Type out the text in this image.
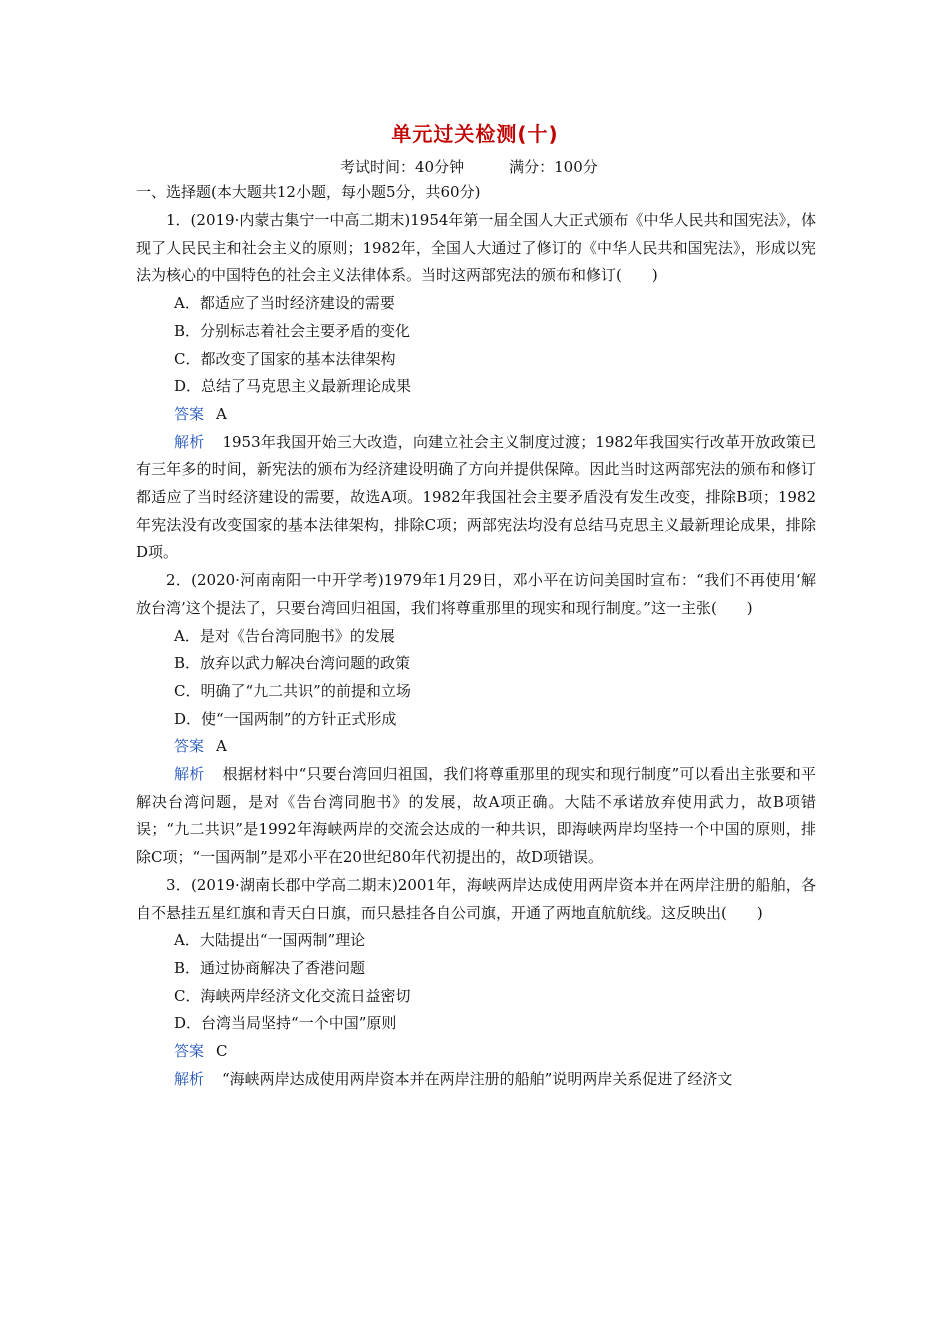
单元过关检测(十)
考试时间：40分钟　　　	满分：100分
一、选择题(本大题共12小题，每小题5分，共60分)

1．(2019·内蒙古集宁一中高二期末)1954年第一届全国人大正式颁布《中华人民共和国宪法》，体现了人民民主和社会主义的原则；1982年，全国人大通过了修订的《中华人民共和国宪法》，形成以宪法为核心的中国特色的社会主义法律体系。当时这两部宪法的颁布和修订(　　)

A．都适应了当时经济建设的需要

B．分别标志着社会主要矛盾的变化

C．都改变了国家的基本法律架构

D．总结了马克思主义最新理论成果

答案 A

解析 1953年我国开始三大改造，向建立社会主义制度过渡；1982年我国实行改革开放政策已有三年多的时间，新宪法的颁布为经济建设明确了方向并提供保障。因此当时这两部宪法的颁布和修订都适应了当时经济建设的需要，故选A项。1982年我国社会主要矛盾没有发生改变，排除B项；1982年宪法没有改变国家的基本法律架构，排除C项；两部宪法均没有总结马克思主义最新理论成果，排除D项。

2．(2020·河南南阳一中开学考)1979年1月29日，邓小平在访问美国时宣布：“我们不再使用‘解放台湾’这个提法了，只要台湾回归祖国，我们将尊重那里的现实和现行制度。”这一主张(　　)

A．是对《告台湾同胞书》的发展

B．放弃以武力解决台湾问题的政策

C．明确了“九二共识”的前提和立场

D．使“一国两制”的方针正式形成

答案 A

解析 根据材料中“只要台湾回归祖国，我们将尊重那里的现实和现行制度”可以看出主张要和平解决台湾问题，是对《告台湾同胞书》的发展，故A项正确。大陆不承诺放弃使用武力，故B项错误；“九二共识”是1992年海峡两岸的交流会达成的一种共识，即海峡两岸均坚持一个中国的原则，排除C项；“一国两制”是邓小平在20世纪80年代初提出的，故D项错误。

3．(2019·湖南长郡中学高二期末)2001年，海峡两岸达成使用两岸资本并在两岸注册的船舶，各自不悬挂五星红旗和青天白日旗，而只悬挂各自公司旗，开通了两地直航航线。这反映出(　　)

A．大陆提出“一国两制”理论

B．通过协商解决了香港问题

C．海峡两岸经济文化交流日益密切

D．台湾当局坚持“一个中国”原则

答案 C

解析 “海峡两岸达成使用两岸资本并在两岸注册的船舶”说明两岸关系促进了经济文
